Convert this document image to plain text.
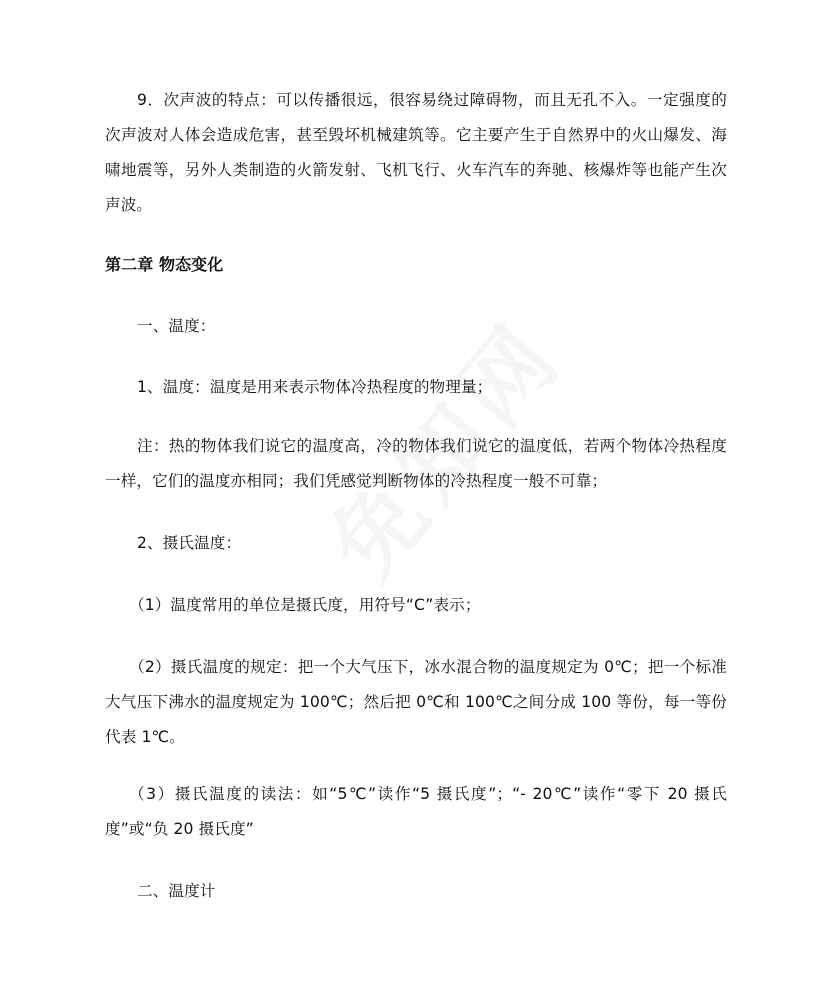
9．次声波的特点：可以传播很远，很容易绕过障碍物，而且无孔不入。一定强度的次声波对人体会造成危害，甚至毁坏机械建筑等。它主要产生于自然界中的火山爆发、海啸地震等，另外人类制造的火箭发射、飞机飞行、火车汽车的奔驰、核爆炸等也能产生次声波。
第二章 物态变化
一、温度：
1、温度：温度是用来表示物体冷热程度的物理量；
注：热的物体我们说它的温度高，冷的物体我们说它的温度低，若两个物体冷热程度一样，它们的温度亦相同；我们凭感觉判断物体的冷热程度一般不可靠；
2、摄氏温度：
（1）温度常用的单位是摄氏度，用符号“C”表示；
（2）摄氏温度的规定：把一个大气压下，冰水混合物的温度规定为 0℃；把一个标准大气压下沸水的温度规定为 100℃；然后把 0℃和 100℃之间分成 100 等份，每一等份代表 1℃。
（3）摄氏温度的读法：如“5℃”读作“5 摄氏度”；“- 20℃”读作“零下 20 摄氏度”或“负 20 摄氏度”
二、温度计
